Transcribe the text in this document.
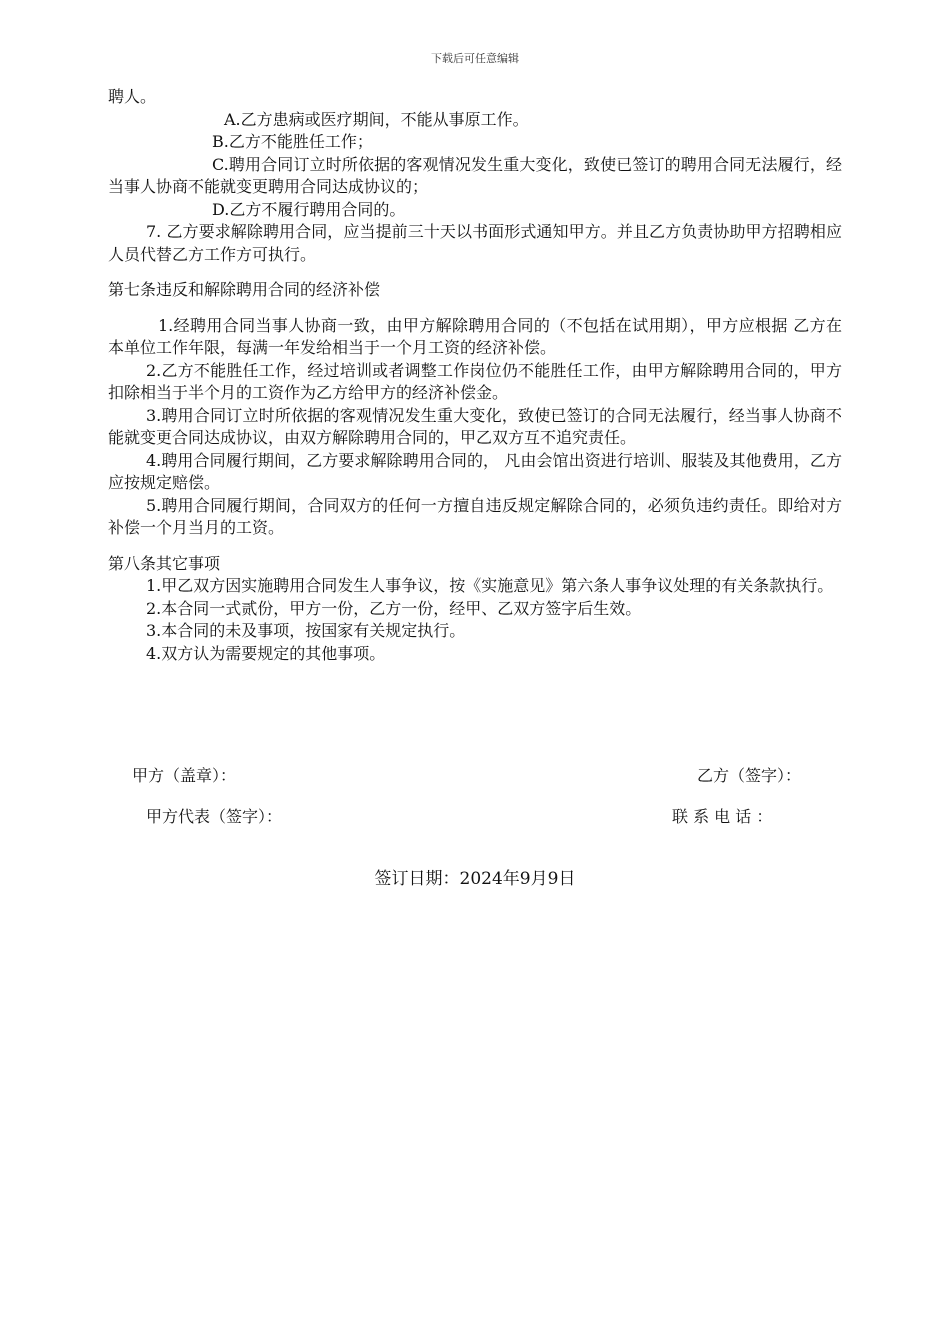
下载后可任意编辑

聘人。

A.乙方患病或医疗期间，不能从事原工作。

B.乙方不能胜任工作；

C.聘用合同订立时所依据的客观情况发生重大变化，致使已签订的聘用合同无法履行，经当事人协商不能就变更聘用合同达成协议的；

D.乙方不履行聘用合同的。

7. 乙方要求解除聘用合同，应当提前三十天以书面形式通知甲方。并且乙方负责协助甲方招聘相应人员代替乙方工作方可执行。

第七条违反和解除聘用合同的经济补偿

1.经聘用合同当事人协商一致，由甲方解除聘用合同的（不包括在试用期），甲方应根据 乙方在本单位工作年限，每满一年发给相当于一个月工资的经济补偿。

2.乙方不能胜任工作，经过培训或者调整工作岗位仍不能胜任工作，由甲方解除聘用合同的，甲方扣除相当于半个月的工资作为乙方给甲方的经济补偿金。

3.聘用合同订立时所依据的客观情况发生重大变化，致使已签订的合同无法履行，经当事人协商不能就变更合同达成协议，由双方解除聘用合同的，甲乙双方互不追究责任。

4.聘用合同履行期间，乙方要求解除聘用合同的， 凡由会馆出资进行培训、服装及其他费用，乙方应按规定赔偿。

5.聘用合同履行期间，合同双方的任何一方擅自违反规定解除合同的，必须负违约责任。即给对方补偿一个月当月的工资。

第八条其它事项

1.甲乙双方因实施聘用合同发生人事争议，按《实施意见》第六条人事争议处理的有关条款执行。

2.本合同一式贰份，甲方一份，乙方一份，经甲、乙双方签字后生效。

3.本合同的未及事项，按国家有关规定执行。

4.双方认为需要规定的其他事项。

甲方（盖章）：	乙方（签字）：
甲方代表（签字）：	联 系 电 话 ：
签订日期：2024年9月9日
